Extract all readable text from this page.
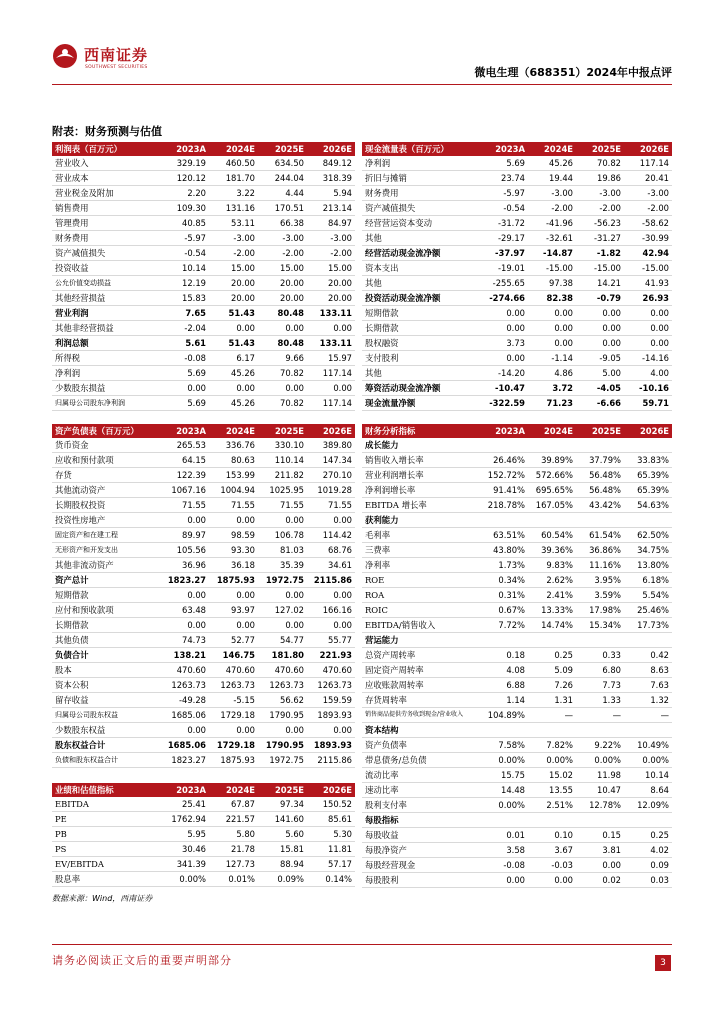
西南证券
SOUTHWEST SECURITIES	微电生理（688351）2024年中报点评
附表：财务预测与估值
利润表（百万元）	2023A	2024E	2025E	2026E
营业收入	329.19	460.50	634.50	849.12
营业成本	120.12	181.70	244.04	318.39
营业税金及附加	2.20	3.22	4.44	5.94
销售费用	109.30	131.16	170.51	213.14
管理费用	40.85	53.11	66.38	84.97
财务费用	-5.97	-3.00	-3.00	-3.00
资产减值损失	-0.54	-2.00	-2.00	-2.00
投资收益	10.14	15.00	15.00	15.00
公允价值变动损益	12.19	20.00	20.00	20.00
其他经营损益	15.83	20.00	20.00	20.00
营业利润	7.65	51.43	80.48	133.11
其他非经营损益	-2.04	0.00	0.00	0.00
利润总额	5.61	51.43	80.48	133.11
所得税	-0.08	6.17	9.66	15.97
净利润	5.69	45.26	70.82	117.14
少数股东损益	0.00	0.00	0.00	0.00
归属母公司股东净利润	5.69	45.26	70.82	117.14
现金流量表（百万元）	2023A	2024E	2025E	2026E
净利润	5.69	45.26	70.82	117.14
折旧与摊销	23.74	19.44	19.86	20.41
财务费用	-5.97	-3.00	-3.00	-3.00
资产减值损失	-0.54	-2.00	-2.00	-2.00
经营营运资本变动	-31.72	-41.96	-56.23	-58.62
其他	-29.17	-32.61	-31.27	-30.99
经营活动现金流净额	-37.97	-14.87	-1.82	42.94
资本支出	-19.01	-15.00	-15.00	-15.00
其他	-255.65	97.38	14.21	41.93
投资活动现金流净额	-274.66	82.38	-0.79	26.93
短期借款	0.00	0.00	0.00	0.00
长期借款	0.00	0.00	0.00	0.00
股权融资	3.73	0.00	0.00	0.00
支付股利	0.00	-1.14	-9.05	-14.16
其他	-14.20	4.86	5.00	4.00
筹资活动现金流净额	-10.47	3.72	-4.05	-10.16
现金流量净额	-322.59	71.23	-6.66	59.71
资产负债表（百万元）	2023A	2024E	2025E	2026E
货币资金	265.53	336.76	330.10	389.80
应收和预付款项	64.15	80.63	110.14	147.34
存货	122.39	153.99	211.82	270.10
其他流动资产	1067.16	1004.94	1025.95	1019.28
长期股权投资	71.55	71.55	71.55	71.55
投资性房地产	0.00	0.00	0.00	0.00
固定资产和在建工程	89.97	98.59	106.78	114.42
无形资产和开发支出	105.56	93.30	81.03	68.76
其他非流动资产	36.96	36.18	35.39	34.61
资产总计	1823.27	1875.93	1972.75	2115.86
短期借款	0.00	0.00	0.00	0.00
应付和预收款项	63.48	93.97	127.02	166.16
长期借款	0.00	0.00	0.00	0.00
其他负债	74.73	52.77	54.77	55.77
负债合计	138.21	146.75	181.80	221.93
股本	470.60	470.60	470.60	470.60
资本公积	1263.73	1263.73	1263.73	1263.73
留存收益	-49.28	-5.15	56.62	159.59
归属母公司股东权益	1685.06	1729.18	1790.95	1893.93
少数股东权益	0.00	0.00	0.00	0.00
股东权益合计	1685.06	1729.18	1790.95	1893.93
负债和股东权益合计	1823.27	1875.93	1972.75	2115.86
财务分析指标	2023A	2024E	2025E	2026E
成长能力				
销售收入增长率	26.46%	39.89%	37.79%	33.83%
营业利润增长率	152.72%	572.66%	56.48%	65.39%
净利润增长率	91.41%	695.65%	56.48%	65.39%
EBITDA 增长率	218.78%	167.05%	43.42%	54.63%
获利能力				
毛利率	63.51%	60.54%	61.54%	62.50%
三费率	43.80%	39.36%	36.86%	34.75%
净利率	1.73%	9.83%	11.16%	13.80%
ROE	0.34%	2.62%	3.95%	6.18%
ROA	0.31%	2.41%	3.59%	5.54%
ROIC	0.67%	13.33%	17.98%	25.46%
EBITDA/销售收入	7.72%	14.74%	15.34%	17.73%
营运能力				
总资产周转率	0.18	0.25	0.33	0.42
固定资产周转率	4.08	5.09	6.80	8.63
应收账款周转率	6.88	7.26	7.73	7.63
存货周转率	1.14	1.31	1.33	1.32
销售商品提供劳务收到现金/营业收入	104.89%	—	—	—
资本结构				
资产负债率	7.58%	7.82%	9.22%	10.49%
带息债务/总负债	0.00%	0.00%	0.00%	0.00%
流动比率	15.75	15.02	11.98	10.14
速动比率	14.48	13.55	10.47	8.64
股利支付率	0.00%	2.51%	12.78%	12.09%
每股指标				
每股收益	0.01	0.10	0.15	0.25
每股净资产	3.58	3.67	3.81	4.02
每股经营现金	-0.08	-0.03	0.00	0.09
每股股利	0.00	0.00	0.02	0.03
业绩和估值指标	2023A	2024E	2025E	2026E
EBITDA	25.41	67.87	97.34	150.52
PE	1762.94	221.57	141.60	85.61
PB	5.95	5.80	5.60	5.30
PS	30.46	21.78	15.81	11.81
EV/EBITDA	341.39	127.73	88.94	57.17
股息率	0.00%	0.01%	0.09%	0.14%
数据来源：Wind，西南证券
请务必阅读正文后的重要声明部分	3
